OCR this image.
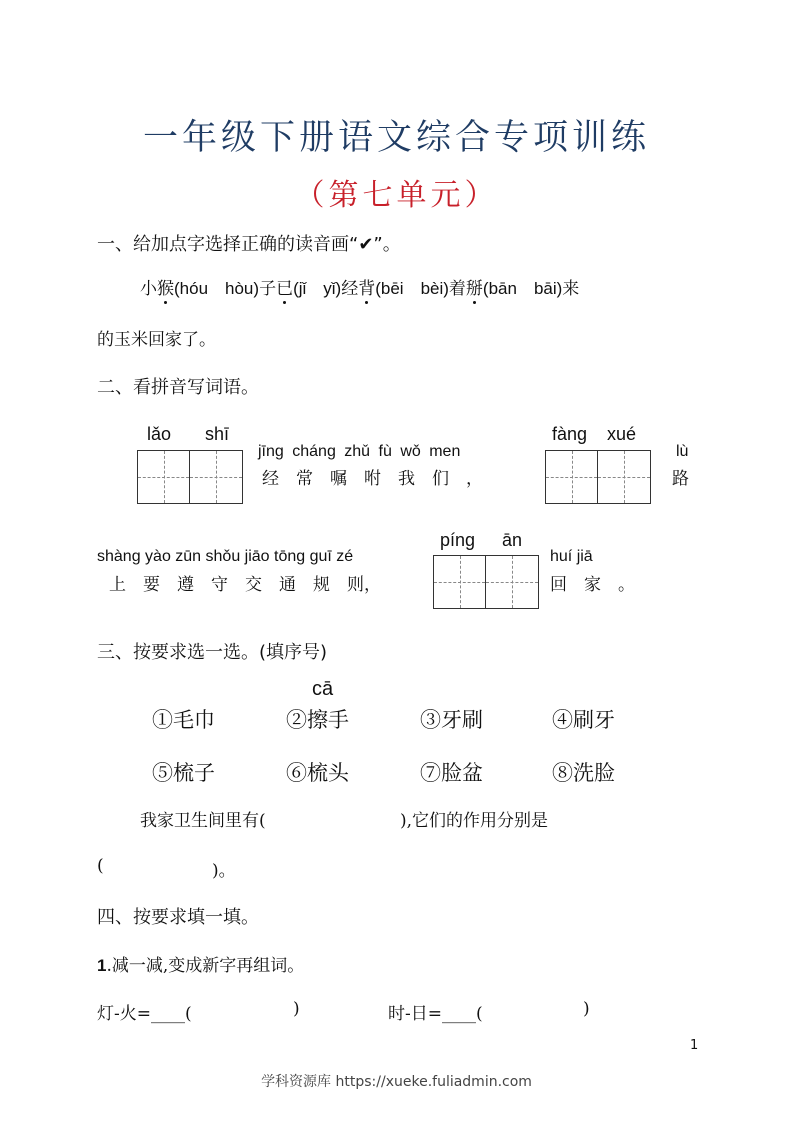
一年级下册语文综合专项训练
（第七单元）
一、给加点字选择正确的读音画“✔”。
小猴(hóu　hòu)子已(jǐ　yǐ)经背(bēi　bèi)着掰(bān　bāi)来
的玉米回家了。
二、看拼音写词语。
lǎo shī
jīng cháng zhǔ fù wǒ men
经　常　嘱　咐　我　们　，
fàng xué
lù
路
shàng yào zūn shǒu jiāo tōng guī zé
上　要　遵　守　交　通　规　则，
píng ān
huí jiā
回　家　。
三、按要求选一选。(填序号)
cā
①毛巾	②擦手	③牙刷	④刷牙
⑤梳子	⑥梳头	⑦脸盆	⑧洗脸
我家卫生间里有(	),它们的作用分别是
(	)。
四、按要求填一填。
1.减一减,变成新字再组词。
灯-火=____(	)	时-日=____(	)
1
学科资源库 https://xueke.fuliadmin.com
